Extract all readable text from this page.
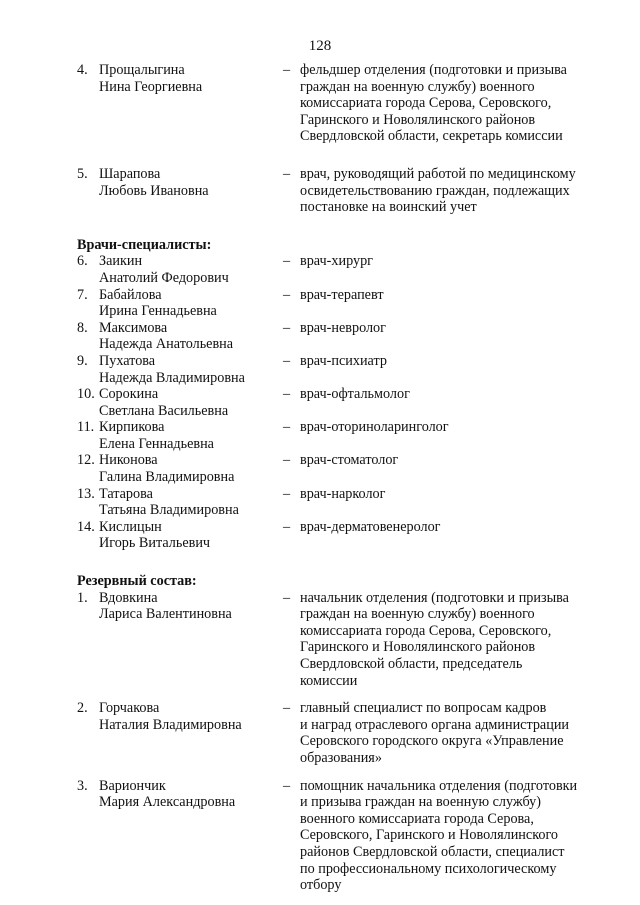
128
4. Прощалыгина
Нина Георгиевна
– фельдшер отделения (подготовки и призыва
граждан на военную службу) военного
комиссариата города Серова, Серовского,
Гаринского и Новолялинского районов
Свердловской области, секретарь комиссии
5. Шарапова
Любовь Ивановна
– врач, руководящий работой по медицинскому
освидетельствованию граждан, подлежащих
постановке на воинский учет
Врачи-специалисты:
6. Заикин
Анатолий Федорович
– врач-хирург
7. Бабайлова
Ирина Геннадьевна
– врач-терапевт
8. Максимова
Надежда Анатольевна
– врач-невролог
9. Пухатова
Надежда Владимировна
– врач-психиатр
10. Сорокина
Светлана Васильевна
– врач-офтальмолог
11. Кирпикова
Елена Геннадьевна
– врач-оториноларинголог
12. Никонова
Галина Владимировна
– врач-стоматолог
13. Татарова
Татьяна Владимировна
– врач-нарколог
14. Кислицын
Игорь Витальевич
– врач-дерматовенеролог
Резервный состав:
1. Вдовкина
Лариса Валентиновна
– начальник отделения (подготовки и призыва
граждан на военную службу) военного
комиссариата города Серова, Серовского,
Гаринского и Новолялинского районов
Свердловской области, председатель
комиссии
2. Горчакова
Наталия Владимировна
– главный специалист по вопросам кадров
и наград отраслевого органа администрации
Серовского городского округа «Управление
образования»
3. Вариончик
Мария Александровна
– помощник начальника отделения (подготовки
и призыва граждан на военную службу)
военного комиссариата города Серова,
Серовского, Гаринского и Новолялинского
районов Свердловской области, специалист
по профессиональному психологическому
отбору
